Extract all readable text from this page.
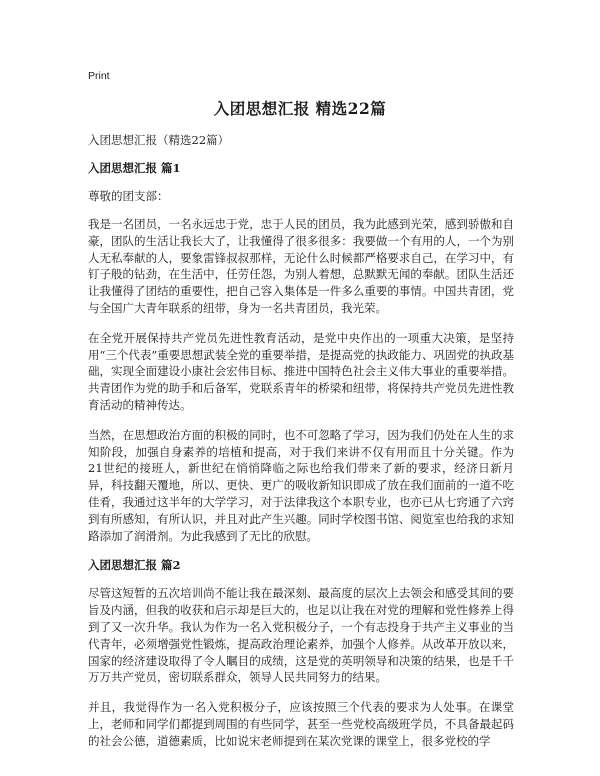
Print
入团思想汇报 精选22篇

入团思想汇报（精选22篇）

入团思想汇报 篇1

尊敬的团支部：

我是一名团员，一名永远忠于党，忠于人民的团员，我为此感到光荣，感到骄傲和自豪，团队的生活让我长大了，让我懂得了很多很多：我要做一个有用的人，一个为别人无私奉献的人，要象雷锋叔叔那样，无论什么时候都严格要求自己，在学习中，有钉子般的钻劲，在生活中，任劳任怨，为别人着想，总默默无闻的奉献。团队生活还让我懂得了团结的重要性，把自己容入集体是一件多么重要的事情。中国共青团，党与全国广大青年联系的纽带，身为一名共青团员，我光荣。

在全党开展保持共产党员先进性教育活动，是党中央作出的一项重大决策，是坚持用“三个代表”重要思想武装全党的重要举措，是提高党的执政能力、巩固党的执政基础，实现全面建设小康社会宏伟目标、推进中国特色社会主义伟大事业的重要举措。共青团作为党的助手和后备军，党联系青年的桥梁和纽带，将保持共产党员先进性教育活动的精神传达。

当然，在思想政治方面的积极的同时，也不可忽略了学习，因为我们仍处在人生的求知阶段，加强自身素养的培植和提高，对于我们来讲不仅有用而且十分关键。作为21世纪的接班人，新世纪在悄悄降临之际也给我们带来了新的要求，经济日新月异，科技翻天覆地，所以、更快、更广的吸收新知识即成了放在我们面前的一道不吃佳肴，我通过这半年的大学学习，对于法律我这个本职专业，也亦已从七窍通了六窍到有所感知，有所认识，并且对此产生兴趣。同时学校图书馆、阅览室也给我的求知路添加了润滑剂。为此我感到了无比的欣慰。

入团思想汇报 篇2

尽管这短暂的五次培训尚不能让我在最深刻、最高度的层次上去领会和感受其间的要旨及内涵，但我的收获和启示却是巨大的，也足以让我在对党的理解和党性修养上得到了又一次升华。我认为作为一名入党积极分子，一个有志投身于共产主义事业的当代青年，必须增强党性锻炼，提高政治理论素养，加强个人修养。从改革开放以来，国家的经济建设取得了令人瞩目的成绩，这是党的英明领导和决策的结果，也是千千万万共产党员，密切联系群众，领导人民共同努力的结果。

并且，我觉得作为一名入党积极分子，应该按照三个代表的要求为人处事。在课堂上，老师和同学们都提到周围的有些同学，甚至一些党校高级班学员，不具备最起码的社会公德，道德素质，比如说宋老师提到在某次党课的课堂上，很多党校的学
